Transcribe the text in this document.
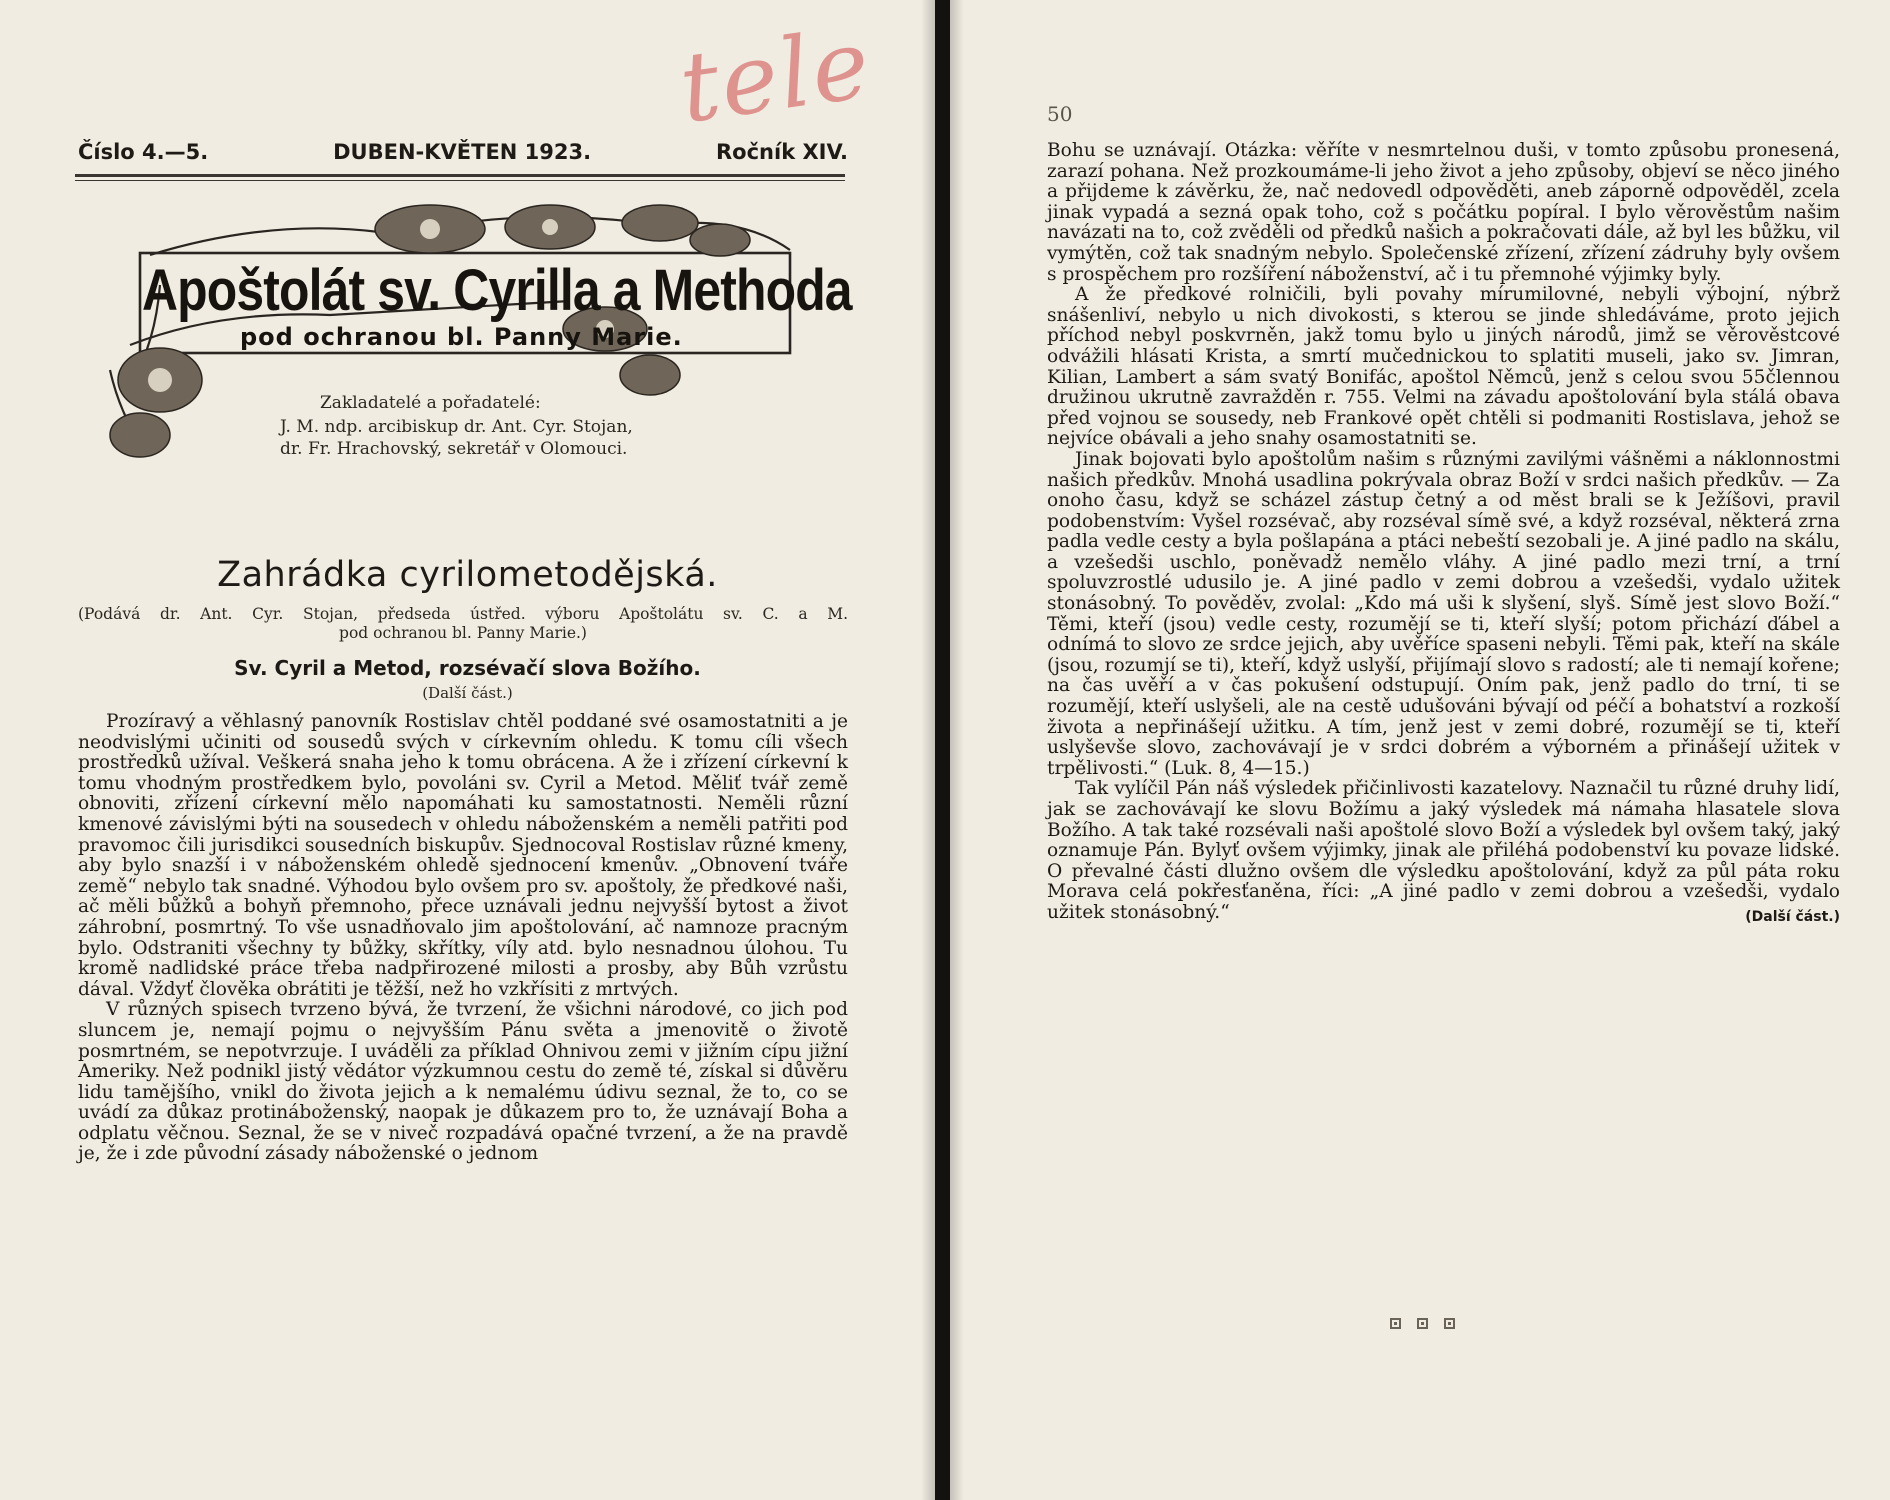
tele
Číslo 4.—5.	DUBEN-KVĚTEN 1923.	Ročník XIV.
Apoštolát sv. Cyrilla a Methoda
pod ochranou bl. Panny Marie.
Zakladatelé a pořadatelé:
J. M. ndp. arcibiskup dr. Ant. Cyr. Stojan,
dr. Fr. Hrachovský, sekretář v Olomouci.
Zahrádka cyrilometodějská.
(Podává dr. Ant. Cyr. Stojan, předseda ústřed. výboru Apoštolátu sv. C. a M.
pod ochranou bl. Panny Marie.)
Sv. Cyril a Metod, rozsévačí slova Božího.
(Další část.)

Prozíravý a věhlasný panovník Rostislav chtěl poddané své osamostatniti a je neodvislými učiniti od sousedů svých v církevním ohledu. K tomu cíli všech prostředků užíval. Veškerá snaha jeho k tomu obrácena. A že i zřízení církevní k tomu vhodným prostředkem bylo, povoláni sv. Cyril a Metod. Měliť tvář země obnoviti, zřízení církevní mělo napomáhati ku samostatnosti. Neměli různí kmenové závislými býti na sousedech v ohledu náboženském a neměli patřiti pod pravomoc čili jurisdikci sousedních biskupův. Sjednocoval Rostislav různé kmeny, aby bylo snazší i v náboženském ohledě sjednocení kmenův. „Obnovení tváře země“ nebylo tak snadné. Výhodou bylo ovšem pro sv. apoštoly, že předkové naši, ač měli bůžků a bohyň přemnoho, přece uznávali jednu nejvyšší bytost a život záhrobní, posmrtný. To vše usnadňovalo jim apoštolování, ač namnoze pracným bylo. Odstraniti všechny ty bůžky, skřítky, víly atd. bylo nesnadnou úlohou. Tu kromě nadlidské práce třeba nadpřirozené milosti a prosby, aby Bůh vzrůstu dával. Vždyť člověka obrátiti je těžší, než ho vzkřísiti z mrtvých.

V různých spisech tvrzeno bývá, že tvrzení, že všichni národové, co jich pod sluncem je, nemají pojmu o nejvyšším Pánu světa a jmenovitě o životě posmrtném, se nepotvrzuje. I uváděli za příklad Ohnivou zemi v jižním cípu jižní Ameriky. Než podnikl jistý vědátor výzkumnou cestu do země té, získal si důvěru lidu tamějšího, vnikl do života jejich a k nemalému údivu seznal, že to, co se uvádí za důkaz protináboženský, naopak je důkazem pro to, že uznávají Boha a odplatu věčnou. Seznal, že se v niveč rozpadává opačné tvrzení, a že na pravdě je, že i zde původní zásady náboženské o jednom

50

Bohu se uznávají. Otázka: věříte v nesmrtelnou duši, v tomto způsobu pronesená, zarazí pohana. Než prozkoumáme-li jeho život a jeho způsoby, objeví se něco jiného a přijdeme k závěrku, že, nač nedovedl odpověděti, aneb záporně odpověděl, zcela jinak vypadá a sezná opak toho, což s počátku popíral. I bylo věrověstům našim navázati na to, což zvěděli od předků našich a pokračovati dále, až byl les bůžku, vil vymýtěn, což tak snadným nebylo. Společenské zřízení, zřízení zádruhy byly ovšem s prospěchem pro rozšíření náboženství, ač i tu přemnohé výjimky byly.

A že předkové rolničili, byli povahy mírumilovné, nebyli výbojní, nýbrž snášenliví, nebylo u nich divokosti, s kterou se jinde shledáváme, proto jejich příchod nebyl poskvrněn, jakž tomu bylo u jiných národů, jimž se věrověstcové odvážili hlásati Krista, a smrtí mučednickou to splatiti museli, jako sv. Jimran, Kilian, Lambert a sám svatý Bonifác, apoštol Němců, jenž s celou svou 55člennou družinou ukrutně zavražděn r. 755. Velmi na závadu apoštolování byla stálá obava před vojnou se sousedy, neb Frankové opět chtěli si podmaniti Rostislava, jehož se nejvíce obávali a jeho snahy osamostatniti se.

Jinak bojovati bylo apoštolům našim s různými zavilými vášněmi a náklonnostmi našich předkův. Mnohá usadlina pokrývala obraz Boží v srdci našich předkův. — Za onoho času, když se scházel zástup četný a od měst brali se k Ježíšovi, pravil podobenstvím: Vyšel rozsévač, aby rozséval símě své, a když rozséval, některá zrna padla vedle cesty a byla pošlapána a ptáci nebeští sezobali je. A jiné padlo na skálu, a vzešedši uschlo, poněvadž nemělo vláhy. A jiné padlo mezi trní, a trní spoluvzrostlé udusilo je. A jiné padlo v zemi dobrou a vzešedši, vydalo užitek stonásobný. To pověděv, zvolal: „Kdo má uši k slyšení, slyš. Símě jest slovo Boží.“ Těmi, kteří (jsou) vedle cesty, rozumějí se ti, kteří slyší; potom přichází ďábel a odnímá to slovo ze srdce jejich, aby uvěříce spaseni nebyli. Těmi pak, kteří na skále (jsou, rozumjí se ti), kteří, když uslyší, přijímají slovo s radostí; ale ti nemají kořene; na čas uvěří a v čas pokušení odstupují. Oním pak, jenž padlo do trní, ti se rozumějí, kteří uslyšeli, ale na cestě udušováni bývají od péčí a bohatství a rozkoší života a nepřinášejí užitku. A tím, jenž jest v zemi dobré, rozumějí se ti, kteří uslyševše slovo, zachovávají je v srdci dobrém a výborném a přinášejí užitek v trpělivosti.“ (Luk. 8, 4—15.)

Tak vylíčil Pán náš výsledek přičinlivosti kazatelovy. Naznačil tu různé druhy lidí, jak se zachovávají ke slovu Božímu a jaký výsledek má námaha hlasatele slova Božího. A tak také rozsévali naši apoštolé slovo Boží a výsledek byl ovšem taký, jaký oznamuje Pán. Bylyť ovšem výjimky, jinak ale přiléhá podobenství ku povaze lidské. O převalné části dlužno ovšem dle výsledku apoštolování, když za půl páta roku Morava celá pokřesťaněna, říci: „A jiné padlo v zemi dobrou a vzešedši, vydalo užitek stonásobný.“	(Další část.)
